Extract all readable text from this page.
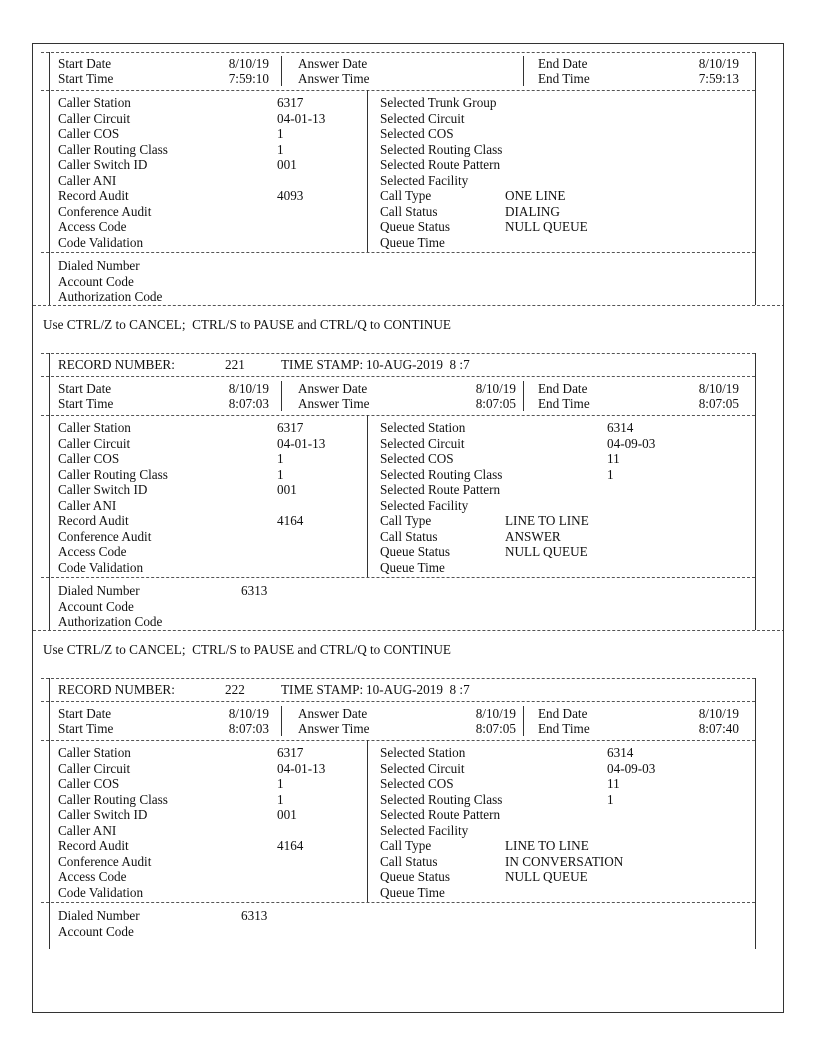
Start Date	8/10/19 Answer Date	End Date	8/10/19
Start Time	7:59:10 Answer Time	End Time	7:59:13
Caller Station	6317	Selected Trunk Group
Caller Circuit	04-01-13	Selected Circuit
Caller COS	1	Selected COS
Caller Routing Class	1	Selected Routing Class
Caller Switch ID	001	Selected Route Pattern
Caller ANI	Selected Facility
Record Audit	4093	Call Type	ONE LINE
Conference Audit	Call Status	DIALING
Access Code	Queue Status	NULL QUEUE
Code Validation	Queue Time
Dialed Number
Account Code
Authorization Code
Use CTRL/Z to CANCEL;  CTRL/S to PAUSE and CTRL/Q to CONTINUE
RECORD NUMBER:	221	TIME STAMP: 10-AUG-2019  8 :7
Start Date	8/10/19 Answer Date	8/10/19 End Date	8/10/19
Start Time	8:07:03 Answer Time	8:07:05 End Time	8:07:05
Caller Station	6317	Selected Station	6314
Caller Circuit	04-01-13	Selected Circuit	04-09-03
Caller COS	1	Selected COS	11
Caller Routing Class	1	Selected Routing Class	1
Caller Switch ID	001	Selected Route Pattern
Caller ANI	Selected Facility
Record Audit	4164	Call Type	LINE TO LINE
Conference Audit	Call Status	ANSWER
Access Code	Queue Status	NULL QUEUE
Code Validation	Queue Time
Dialed Number	6313
Account Code
Authorization Code
Use CTRL/Z to CANCEL;  CTRL/S to PAUSE and CTRL/Q to CONTINUE
RECORD NUMBER:	222	TIME STAMP: 10-AUG-2019  8 :7
Start Date	8/10/19 Answer Date	8/10/19 End Date	8/10/19
Start Time	8:07:03 Answer Time	8:07:05 End Time	8:07:40
Caller Station	6317	Selected Station	6314
Caller Circuit	04-01-13	Selected Circuit	04-09-03
Caller COS	1	Selected COS	11
Caller Routing Class	1	Selected Routing Class	1
Caller Switch ID	001	Selected Route Pattern
Caller ANI	Selected Facility
Record Audit	4164	Call Type	LINE TO LINE
Conference Audit	Call Status	IN CONVERSATION
Access Code	Queue Status	NULL QUEUE
Code Validation	Queue Time
Dialed Number	6313
Account Code
